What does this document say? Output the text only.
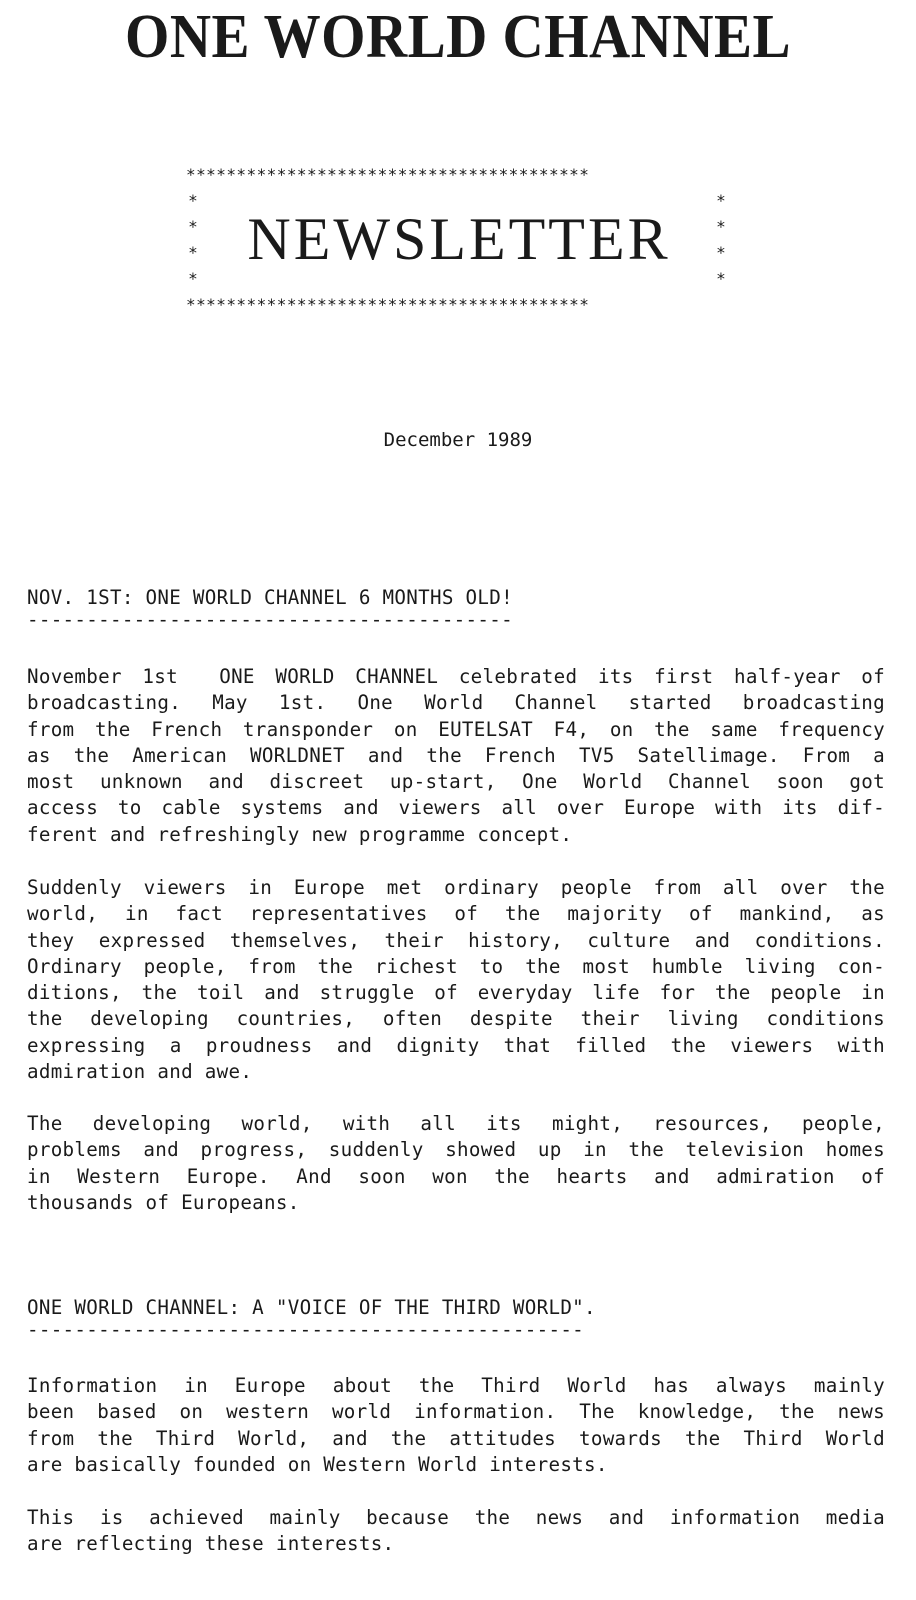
ONE WORLD CHANNEL
****************************************
*
*
*
*
NEWSLETTER
*
*
*
*
****************************************
December 1989
NOV. 1ST: ONE WORLD CHANNEL 6 MONTHS OLD!
-----------------------------------------
November 1st  ONE WORLD CHANNEL celebrated its first half-year of
broadcasting. May 1st. One World Channel started broadcasting
from the French transponder on EUTELSAT F4, on the same frequency
as the American WORLDNET and the French TV5 Satellimage. From a
most unknown and discreet up-start, One World Channel soon got
access to cable systems and viewers all over Europe with its dif-
ferent and refreshingly new programme concept.
Suddenly viewers in Europe met ordinary people from all over the
world, in fact representatives of the majority of mankind, as
they expressed themselves, their history, culture and conditions.
Ordinary people, from the richest to the most humble living con-
ditions, the toil and struggle of everyday life for the people in
the developing countries, often despite their living conditions
expressing a proudness and dignity that filled the viewers with
admiration and awe.
The developing world, with all its might, resources, people,
problems and progress, suddenly showed up in the television homes
in Western Europe. And soon won the hearts and admiration of
thousands of Europeans.
ONE WORLD CHANNEL: A "VOICE OF THE THIRD WORLD".
-----------------------------------------------
Information in Europe about the Third World has always mainly
been based on western world information. The knowledge, the news
from the Third World, and the attitudes towards the Third World
are basically founded on Western World interests.
This is achieved mainly because the news and information media
are reflecting these interests.
